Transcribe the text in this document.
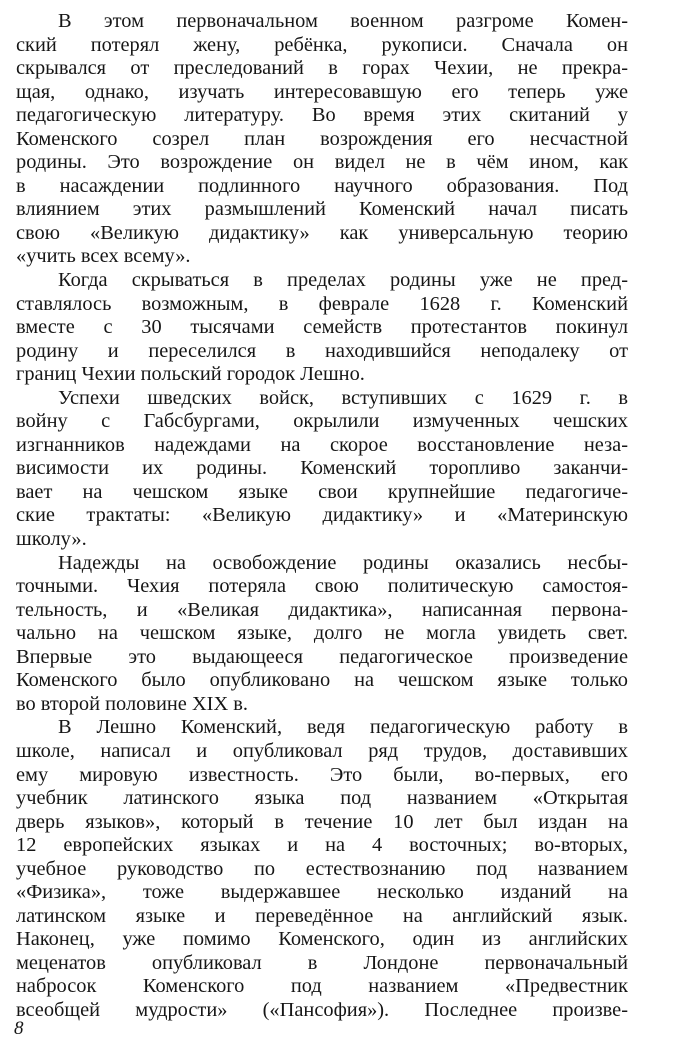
В этом первоначальном военном разгроме Комен-
ский потерял жену, ребёнка, рукописи. Сначала он
скрывался от преследований в горах Чехии, не прекра-
щая, однако, изучать интересовавшую его теперь уже
педагогическую литературу. Во время этих скитаний у
Коменского созрел план возрождения его несчастной
родины. Это возрождение он видел не в чём ином, как
в насаждении подлинного научного образования. Под
влиянием этих размышлений Коменский начал писать
свою «Великую дидактику» как универсальную теорию
«учить всех всему».
Когда скрываться в пределах родины уже не пред-
ставлялось возможным, в феврале 1628 г. Коменский
вместе с 30 тысячами семейств протестантов покинул
родину и переселился в находившийся неподалеку от
границ Чехии польский городок Лешно.
Успехи шведских войск, вступивших с 1629 г. в
войну с Габсбургами, окрылили измученных чешских
изгнанников надеждами на скорое восстановление неза-
висимости их родины. Коменский торопливо заканчи-
вает на чешском языке свои крупнейшие педагогиче-
ские трактаты: «Великую дидактику» и «Материнскую
школу».
Надежды на освобождение родины оказались несбы-
точными. Чехия потеряла свою политическую самостоя-
тельность, и «Великая дидактика», написанная первона-
чально на чешском языке, долго не могла увидеть свет.
Впервые это выдающееся педагогическое произведение
Коменского было опубликовано на чешском языке только
во второй половине XIX в.
В Лешно Коменский, ведя педагогическую работу в
школе, написал и опубликовал ряд трудов, доставивших
ему мировую известность. Это были, во-первых, его
учебник латинского языка под названием «Открытая
дверь языков», который в течение 10 лет был издан на
12 европейских языках и на 4 восточных; во-вторых,
учебное руководство по естествознанию под названием
«Физика», тоже выдержавшее несколько изданий на
латинском языке и переведённое на английский язык.
Наконец, уже помимо Коменского, один из английских
меценатов опубликовал в Лондоне первоначальный
набросок Коменского под названием «Предвестник
всеобщей мудрости» («Пансофия»). Последнее произве-
8
